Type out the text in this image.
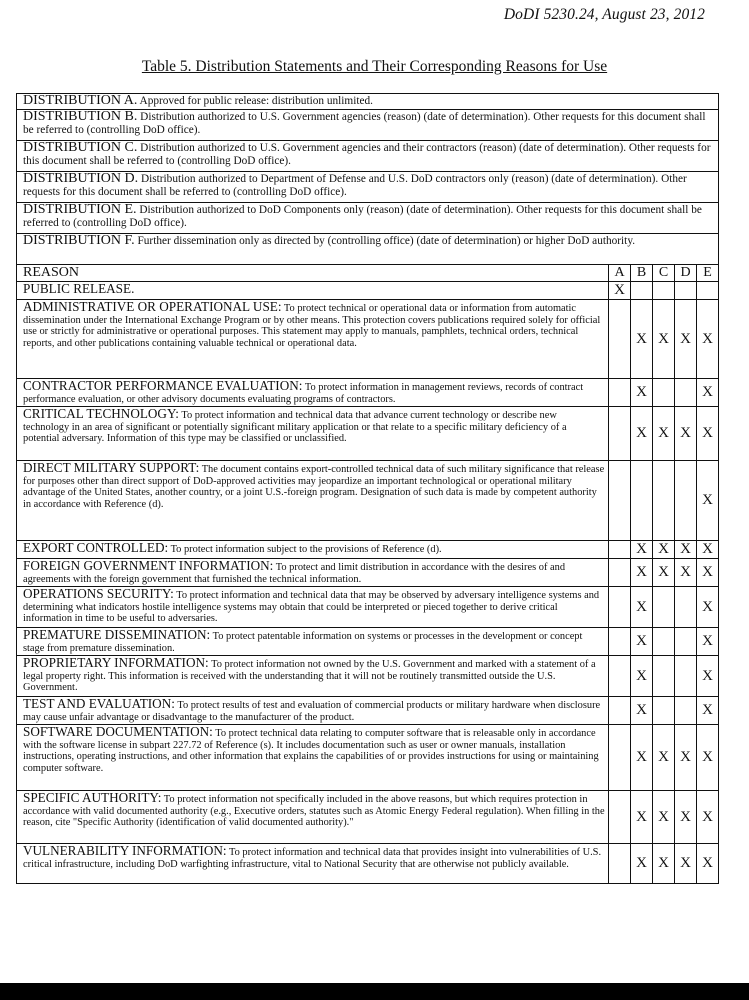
DoDI 5230.24, August 23, 2012
Table 5. Distribution Statements and Their Corresponding Reasons for Use
DISTRIBUTION A. Approved for public release: distribution unlimited.					
DISTRIBUTION B. Distribution authorized to U.S. Government agencies (reason) (date of determination). Other requests for this document shall be referred to (controlling DoD office).					
DISTRIBUTION C. Distribution authorized to U.S. Government agencies and their contractors (reason) (date of determination). Other requests for this document shall be referred to (controlling DoD office).					
DISTRIBUTION D. Distribution authorized to Department of Defense and U.S. DoD contractors only (reason) (date of determination). Other requests for this document shall be referred to (controlling DoD office).					
DISTRIBUTION E. Distribution authorized to DoD Components only (reason) (date of determination). Other requests for this document shall be referred to (controlling DoD office).					
DISTRIBUTION F. Further dissemination only as directed by (controlling office) (date of determination) or higher DoD authority.					
REASON	A	B	C	D	E
PUBLIC RELEASE.	X				
ADMINISTRATIVE OR OPERATIONAL USE: To protect technical or operational data or information from automatic dissemination under the International Exchange Program or by other means. This protection covers publications required solely for official use or strictly for administrative or operational purposes. This statement may apply to manuals, pamphlets, technical orders, technical reports, and other publications containing valuable technical or operational data.		X	X	X	X
CONTRACTOR PERFORMANCE EVALUATION: To protect information in management reviews, records of contract performance evaluation, or other advisory documents evaluating programs of contractors.		X			X
CRITICAL TECHNOLOGY: To protect information and technical data that advance current technology or describe new technology in an area of significant or potentially significant military application or that relate to a specific military deficiency of a potential adversary. Information of this type may be classified or unclassified.		X	X	X	X
DIRECT MILITARY SUPPORT: The document contains export-controlled technical data of such military significance that release for purposes other than direct support of DoD-approved activities may jeopardize an important technological or operational military advantage of the United States, another country, or a joint U.S.-foreign program. Designation of such data is made by competent authority in accordance with Reference (d).					X
EXPORT CONTROLLED: To protect information subject to the provisions of Reference (d).		X	X	X	X
FOREIGN GOVERNMENT INFORMATION: To protect and limit distribution in accordance with the desires of and agreements with the foreign government that furnished the technical information.		X	X	X	X
OPERATIONS SECURITY: To protect information and technical data that may be observed by adversary intelligence systems and determining what indicators hostile intelligence systems may obtain that could be interpreted or pieced together to derive critical information in time to be useful to adversaries.		X			X
PREMATURE DISSEMINATION: To protect patentable information on systems or processes in the development or concept stage from premature dissemination.		X			X
PROPRIETARY INFORMATION: To protect information not owned by the U.S. Government and marked with a statement of a legal property right. This information is received with the understanding that it will not be routinely transmitted outside the U.S. Government.		X			X
TEST AND EVALUATION: To protect results of test and evaluation of commercial products or military hardware when disclosure may cause unfair advantage or disadvantage to the manufacturer of the product.		X			X
SOFTWARE DOCUMENTATION: To protect technical data relating to computer software that is releasable only in accordance with the software license in subpart 227.72 of Reference (s). It includes documentation such as user or owner manuals, installation instructions, operating instructions, and other information that explains the capabilities of or provides instructions for using or maintaining computer software.		X	X	X	X
SPECIFIC AUTHORITY: To protect information not specifically included in the above reasons, but which requires protection in accordance with valid documented authority (e.g., Executive orders, statutes such as Atomic Energy Federal regulation). When filling in the reason, cite "Specific Authority (identification of valid documented authority)."		X	X	X	X
VULNERABILITY INFORMATION: To protect information and technical data that provides insight into vulnerabilities of U.S. critical infrastructure, including DoD warfighting infrastructure, vital to National Security that are otherwise not publicly available.		X	X	X	X
